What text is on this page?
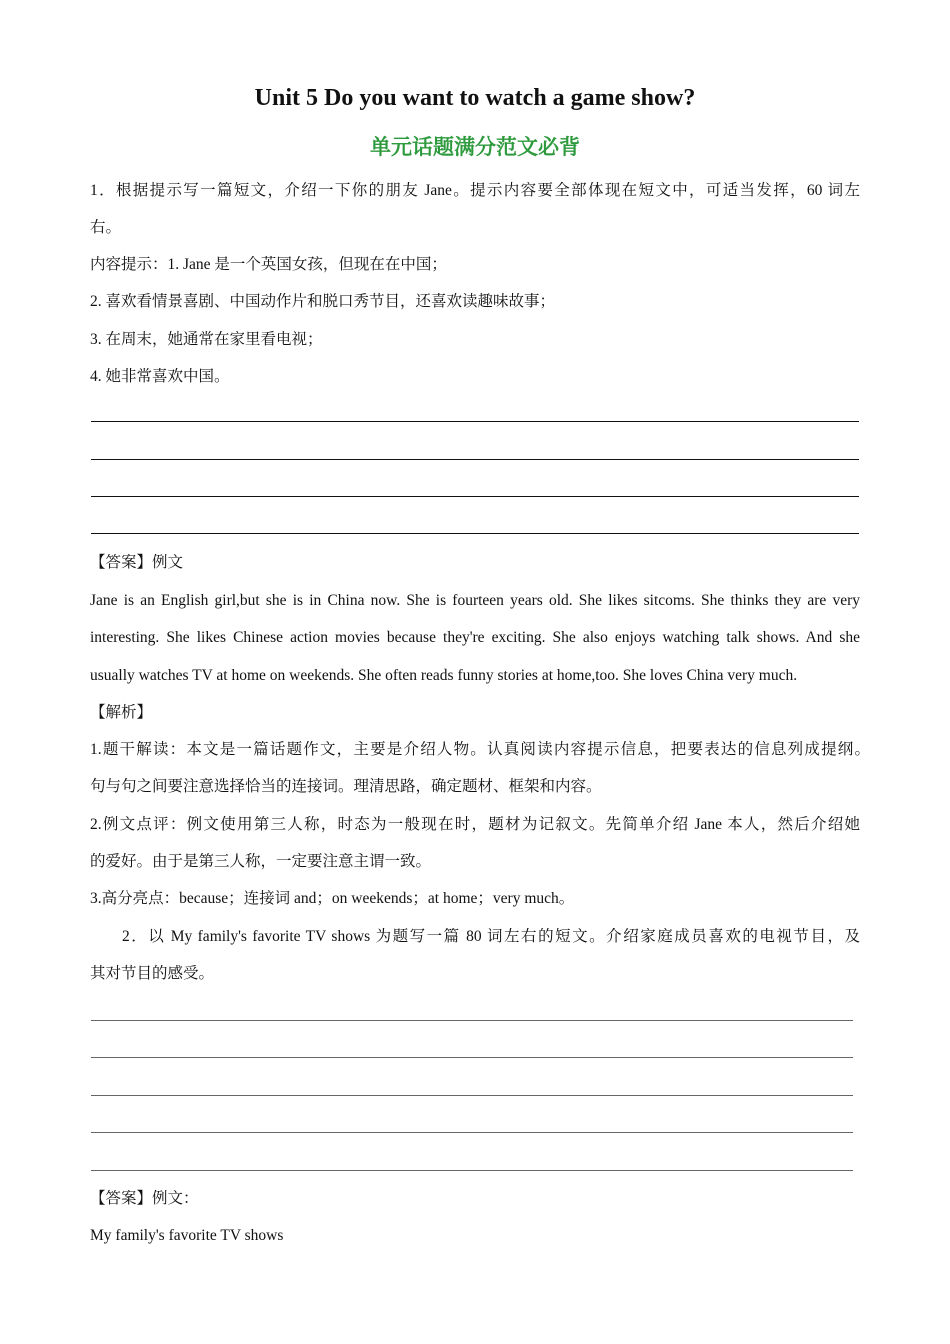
Unit 5 Do you want to watch a game show?
单元话题满分范文必背
1．根据提示写一篇短文，介绍一下你的朋友 Jane。提示内容要全部体现在短文中，可适当发挥，60 词左
右。
内容提示：1. Jane 是一个英国女孩，但现在在中国；
2. 喜欢看情景喜剧、中国动作片和脱口秀节目，还喜欢读趣味故事；
3. 在周末，她通常在家里看电视；
4. 她非常喜欢中国。
【答案】例文
Jane is an English girl,but she is in China now. She is fourteen years old. She likes sitcoms. She thinks they are very
interesting. She likes Chinese action movies because they're exciting. She also enjoys watching talk shows. And she
usually watches TV at home on weekends. She often reads funny stories at home,too. She loves China very much.
【解析】
1.题干解读：本文是一篇话题作文，主要是介绍人物。认真阅读内容提示信息，把要表达的信息列成提纲。
句与句之间要注意选择恰当的连接词。理清思路，确定题材、框架和内容。
2.例文点评：例文使用第三人称，时态为一般现在时，题材为记叙文。先简单介绍 Jane 本人，然后介绍她
的爱好。由于是第三人称，一定要注意主谓一致。
3.高分亮点：because；连接词 and；on weekends；at home；very much。
2．以 My family's favorite TV shows 为题写一篇 80 词左右的短文。介绍家庭成员喜欢的电视节目，及
其对节目的感受。
【答案】例文：
My family's favorite TV shows
